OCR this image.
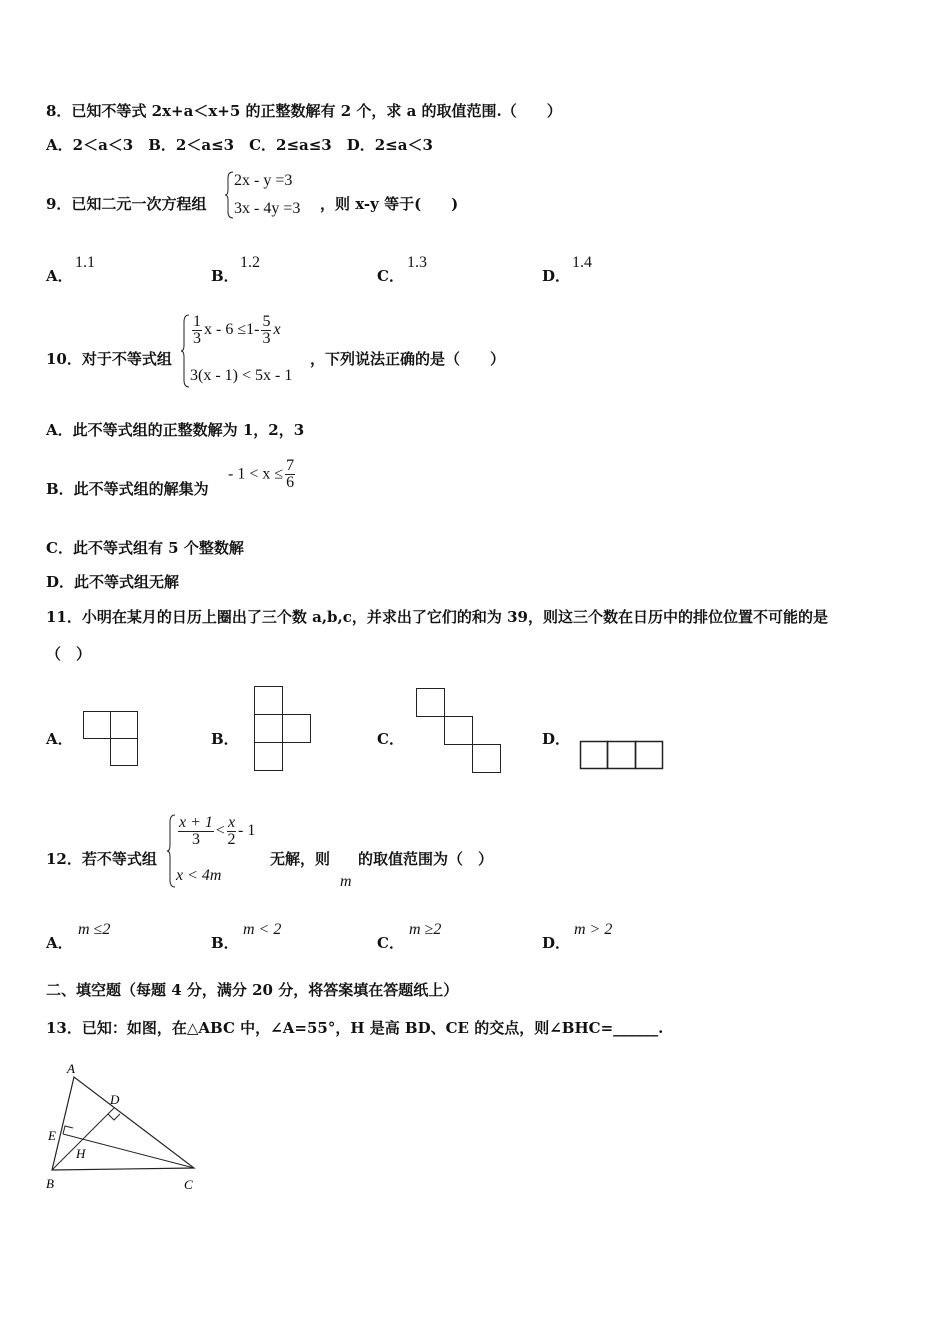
8．已知不等式 2x+a＜x+5 的正整数解有 2 个，求 a 的取值范围.（　　）
A．2＜a＜3　B．2＜a≤3　C．2≤a≤3　D．2≤a＜3
9．已知二元一次方程组
2x - y =3
3x - 4y =3 ，则 x-y 等于(　　)
A．
1.1
B．
1.2
C．
1.3
D．
1.4
10．对于不等式组
$\frac{1}{3}$ $x - 6 \le 1- \frac{5}{3}$ x
3(x - 1) < 5x - 1
，下列说法正确的是（　　）
A．此不等式组的正整数解为 1，2，3
B．此不等式组的解集为
- $1 < x \le \frac{7}{6}$
C．此不等式组有 5 个整数解
D．此不等式组无解
11．小明在某月的日历上圈出了三个数 a,b,c，并求出了它们的和为 39，则这三个数在日历中的排位位置不可能的是
（　）
A．	B．	C．	D．
12．若不等式组
$\frac{x + 1}{3} < \frac{x}{2} - 1$
x < 4m
无解，则
m
的取值范围为（　）
A．
m ≤2
B．
m < 2
C．
m ≥2
D．
m > 2
二、填空题（每题 4 分，满分 20 分，将答案填在答题纸上）
13．已知：如图，在△ABC 中，∠A=55°，H 是高 BD、CE 的交点，则∠BHC=______.
A
B	C
D
E
H
